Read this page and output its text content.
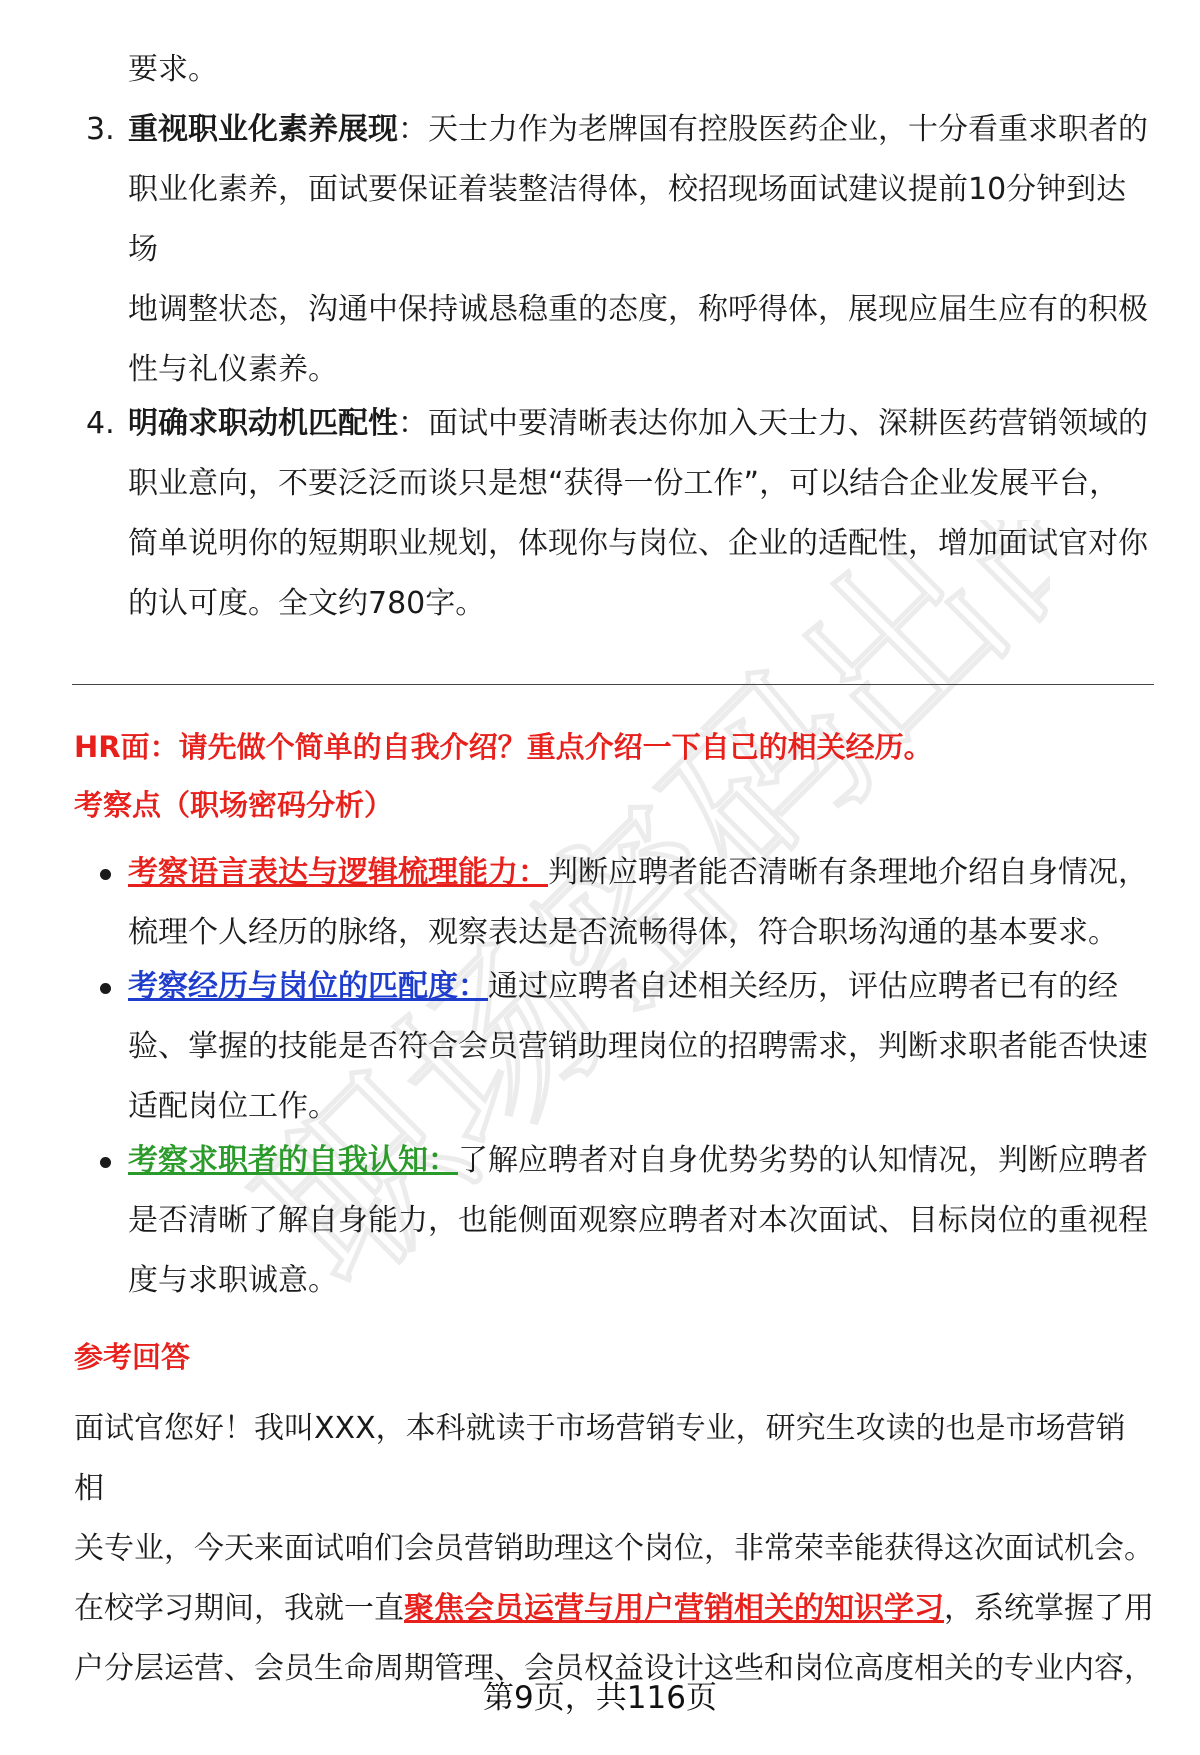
职场密码出品

要求。

3. 重视职业化素养展现：天士力作为老牌国有控股医药企业，十分看重求职者的
职业化素养，面试要保证着装整洁得体，校招现场面试建议提前10分钟到达场
地调整状态，沟通中保持诚恳稳重的态度，称呼得体，展现应届生应有的积极
性与礼仪素养。
4. 明确求职动机匹配性：面试中要清晰表达你加入天士力、深耕医药营销领域的
职业意向，不要泛泛而谈只是想“获得一份工作”，可以结合企业发展平台，
简单说明你的短期职业规划，体现你与岗位、企业的适配性，增加面试官对你
的认可度。全文约780字。

HR面：请先做个简单的自我介绍？重点介绍一下自己的相关经历。

考察点（职场密码分析）

考察语言表达与逻辑梳理能力：判断应聘者能否清晰有条理地介绍自身情况，
梳理个人经历的脉络，观察表达是否流畅得体，符合职场沟通的基本要求。
考察经历与岗位的匹配度：通过应聘者自述相关经历，评估应聘者已有的经
验、掌握的技能是否符合会员营销助理岗位的招聘需求，判断求职者能否快速
适配岗位工作。
考察求职者的自我认知：了解应聘者对自身优势劣势的认知情况，判断应聘者
是否清晰了解自身能力，也能侧面观察应聘者对本次面试、目标岗位的重视程
度与求职诚意。

参考回答

面试官您好！我叫XXX，本科就读于市场营销专业，研究生攻读的也是市场营销相
关专业，今天来面试咱们会员营销助理这个岗位，非常荣幸能获得这次面试机会。
在校学习期间，我就一直聚焦会员运营与用户营销相关的知识学习，系统掌握了用
户分层运营、会员生命周期管理、会员权益设计这些和岗位高度相关的专业内容，
第9页，共116页
